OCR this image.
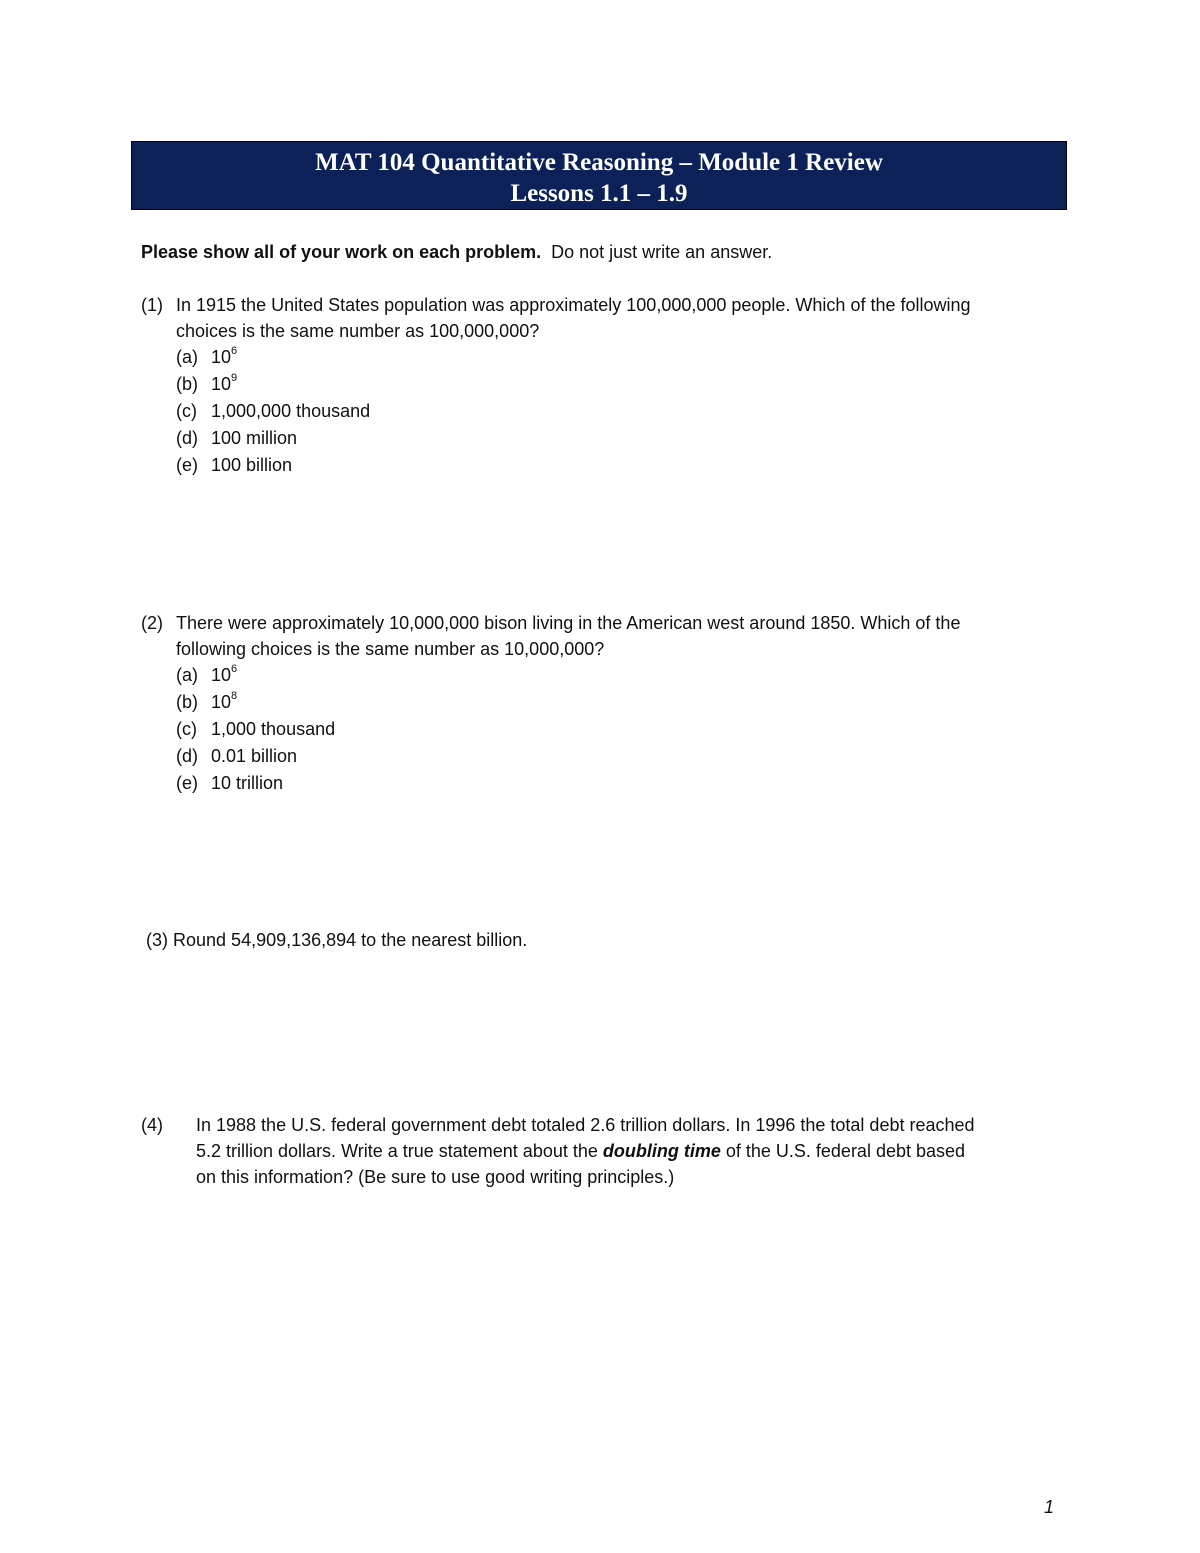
MAT 104 Quantitative Reasoning – Module 1 Review
Lessons 1.1 – 1.9
Please show all of your work on each problem. Do not just write an answer.
(1) In 1915 the United States population was approximately 100,000,000 people. Which of the following
choices is the same number as 100,000,000?
(a) $10^6$
(b) $10^9$
(c) 1,000,000 thousand
(d) 100 million
(e) 100 billion
(2) There were approximately 10,000,000 bison living in the American west around 1850. Which of the
following choices is the same number as 10,000,000?
(a) $10^6$
(b) $10^8$
(c) 1,000 thousand
(d) 0.01 billion
(e) 10 trillion
(3) Round 54,909,136,894 to the nearest billion.
(4) In 1988 the U.S. federal government debt totaled 2.6 trillion dollars. In 1996 the total debt reached
5.2 trillion dollars. Write a true statement about the doubling time of the U.S. federal debt based
on this information? (Be sure to use good writing principles.)
1
